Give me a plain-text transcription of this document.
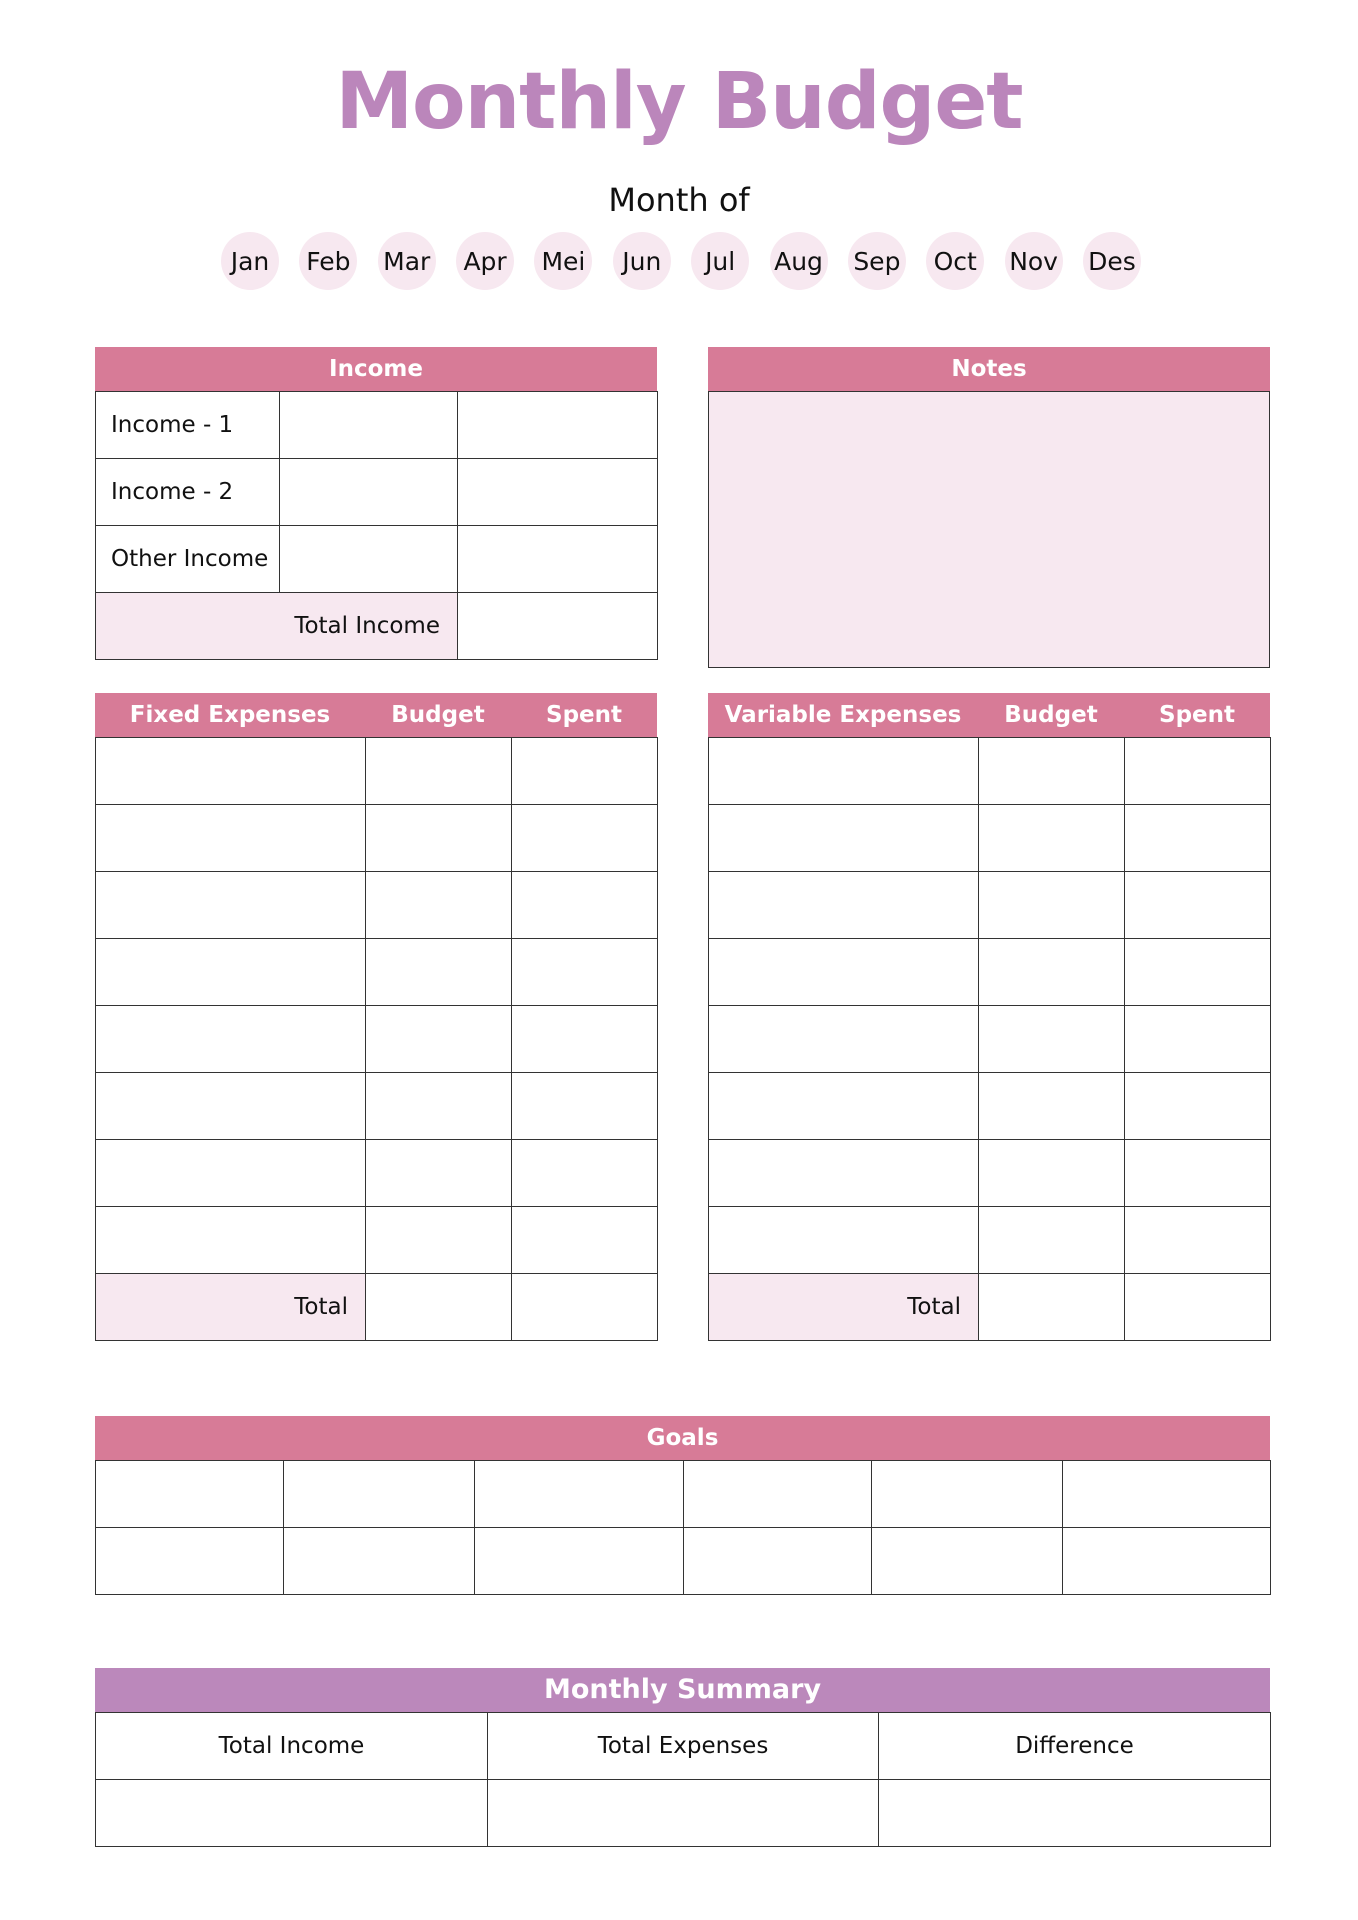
Monthly Budget
Month of
Jan	Feb Mar Apr Mei	Jun	Jul	Aug Sep Oct Nov Des
Income
Income - 1		
Income - 2		
Other Income		
Total Income		
Notes
Fixed Expenses	Budget	Spent

Total		
Variable Expenses	Budget	Spent

Total		
Goals

Monthly Summary
Total Income	Total Expenses	Difference
